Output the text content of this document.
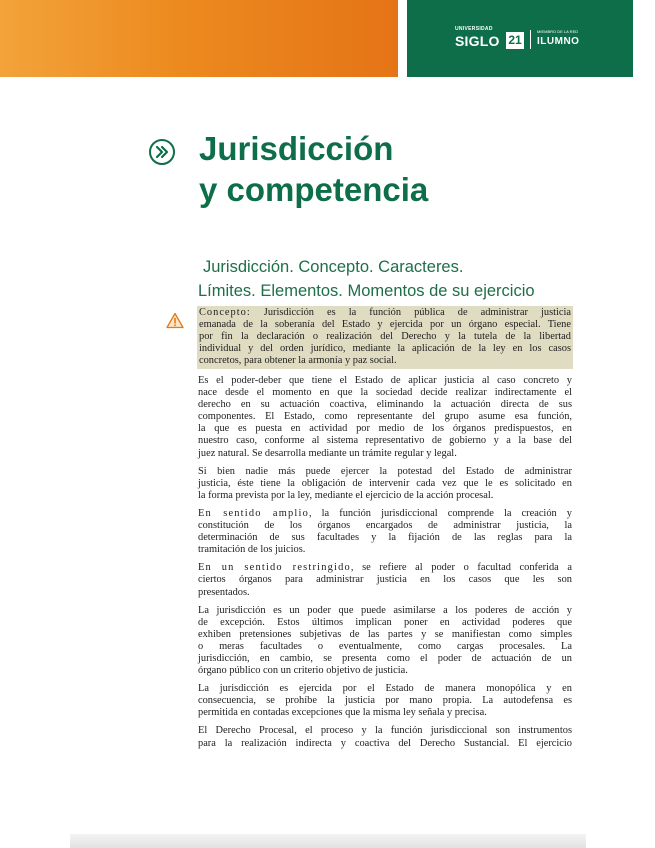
UNIVERSIDAD
SIGLO 21
MIEMBRO DE LA RED
ILUMNO
Jurisdicción
y competencia
Jurisdicción. Concepto. Caracteres.
Límites. Elementos. Momentos de su ejercicio
Concepto: Jurisdicción es la función pública de administrar justicia
emanada de la soberanía del Estado y ejercida por un órgano especial. Tiene
por fin la declaración o realización del Derecho y la tutela de la libertad
individual y del orden jurídico, mediante la aplicación de la ley en los casos
concretos, para obtener la armonía y paz social.

Es el poder-deber que tiene el Estado de aplicar justicia al caso concreto y
nace desde el momento en que la sociedad decide realizar indirectamente el
derecho en su actuación coactiva, eliminando la actuación directa de sus
componentes. El Estado, como representante del grupo asume esa función,
la que es puesta en actividad por medio de los órganos predispuestos, en
nuestro caso, conforme al sistema representativo de gobierno y a la base del
juez natural. Se desarrolla mediante un trámite regular y legal.

Si bien nadie más puede ejercer la potestad del Estado de administrar
justicia, éste tiene la obligación de intervenir cada vez que le es solicitado en
la forma prevista por la ley, mediante el ejercicio de la acción procesal.

En sentido amplio, la función jurisdiccional comprende la creación y
constitución de los órganos encargados de administrar justicia, la
determinación de sus facultades y la fijación de las reglas para la
tramitación de los juicios.

En un sentido restringido, se refiere al poder o facultad conferida a
ciertos órganos para administrar justicia en los casos que les son
presentados.

La jurisdicción es un poder que puede asimilarse a los poderes de acción y
de excepción. Estos últimos implican poner en actividad poderes que
exhiben pretensiones subjetivas de las partes y se manifiestan como simples
o meras facultades o eventualmente, como cargas procesales. La
jurisdicción, en cambio, se presenta como el poder de actuación de un
órgano público con un criterio objetivo de justicia.

La jurisdicción es ejercida por el Estado de manera monopólica y en
consecuencia, se prohíbe la justicia por mano propia. La autodefensa es
permitida en contadas excepciones que la misma ley señala y precisa.

El Derecho Procesal, el proceso y la función jurisdiccional son instrumentos
para la realización indirecta y coactiva del Derecho Sustancial. El ejercicio
